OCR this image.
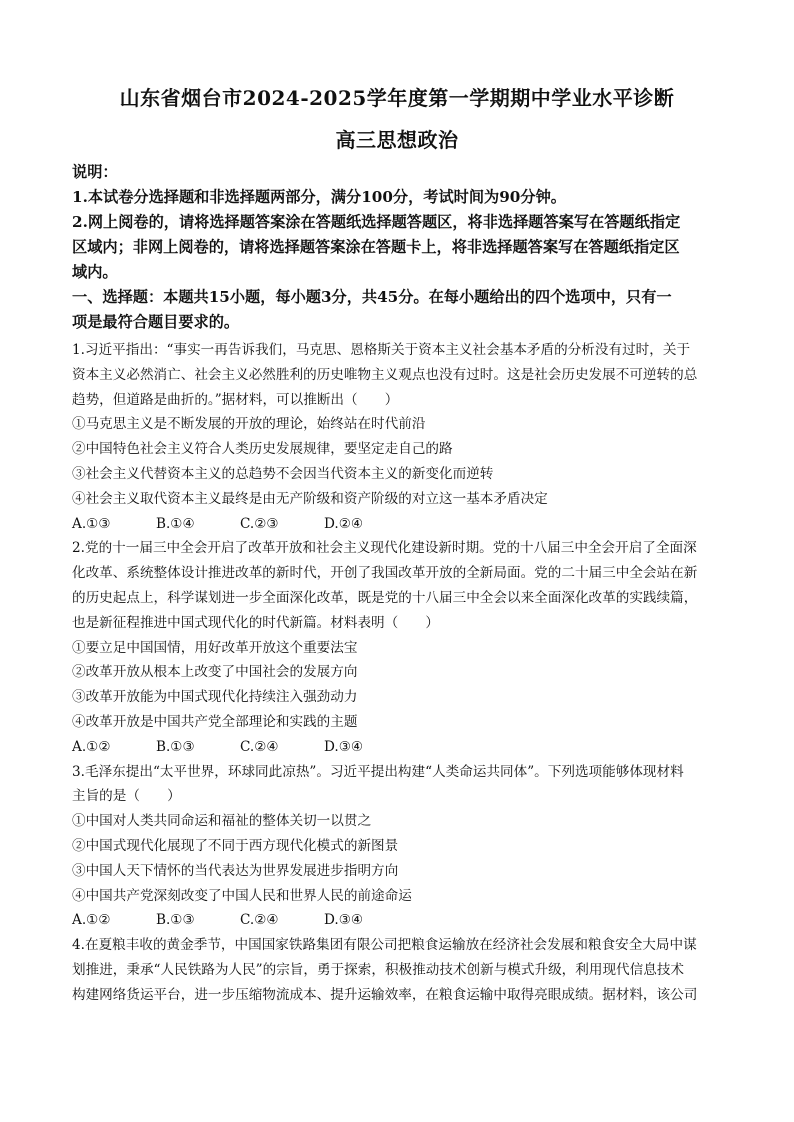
山东省烟台市2024-2025学年度第一学期期中学业水平诊断
高三思想政治
说明：
1.本试卷分选择题和非选择题两部分，满分100分，考试时间为90分钟。
2.网上阅卷的，请将选择题答案涂在答题纸选择题答题区，将非选择题答案写在答题纸指定
区域内；非网上阅卷的，请将选择题答案涂在答题卡上，将非选择题答案写在答题纸指定区
域内。
一、选择题：本题共15小题，每小题3分，共45分。在每小题给出的四个选项中，只有一
项是最符合题目要求的。
1.习近平指出：“事实一再告诉我们，马克思、恩格斯关于资本主义社会基本矛盾的分析没有过时，关于
资本主义必然消亡、社会主义必然胜利的历史唯物主义观点也没有过时。这是社会历史发展不可逆转的总
趋势，但道路是曲折的。”据材料，可以推断出（　　）
①马克思主义是不断发展的开放的理论，始终站在时代前沿
②中国特色社会主义符合人类历史发展规律，要坚定走自己的路
③社会主义代替资本主义的总趋势不会因当代资本主义的新变化而逆转
④社会主义取代资本主义最终是由无产阶级和资产阶级的对立这一基本矛盾决定
A.①③	B.①④	C.②③	D.②④
2.党的十一届三中全会开启了改革开放和社会主义现代化建设新时期。党的十八届三中全会开启了全面深
化改革、系统整体设计推进改革的新时代，开创了我国改革开放的全新局面。党的二十届三中全会站在新
的历史起点上，科学谋划进一步全面深化改革，既是党的十八届三中全会以来全面深化改革的实践续篇，
也是新征程推进中国式现代化的时代新篇。材料表明（　　）
①要立足中国国情，用好改革开放这个重要法宝
②改革开放从根本上改变了中国社会的发展方向
③改革开放能为中国式现代化持续注入强劲动力
④改革开放是中国共产党全部理论和实践的主题
A.①②	B.①③	C.②④	D.③④
3.毛泽东提出“太平世界，环球同此凉热”。习近平提出构建“人类命运共同体”。下列选项能够体现材料
主旨的是（　　）
①中国对人类共同命运和福祉的整体关切一以贯之
②中国式现代化展现了不同于西方现代化模式的新图景
③中国人天下情怀的当代表达为世界发展进步指明方向
④中国共产党深刻改变了中国人民和世界人民的前途命运
A.①②	B.①③	C.②④	D.③④
4.在夏粮丰收的黄金季节，中国国家铁路集团有限公司把粮食运输放在经济社会发展和粮食安全大局中谋
划推进，秉承“人民铁路为人民”的宗旨，勇于探索，积极推动技术创新与模式升级，利用现代信息技术
构建网络货运平台，进一步压缩物流成本、提升运输效率，在粮食运输中取得亮眼成绩。据材料，该公司
